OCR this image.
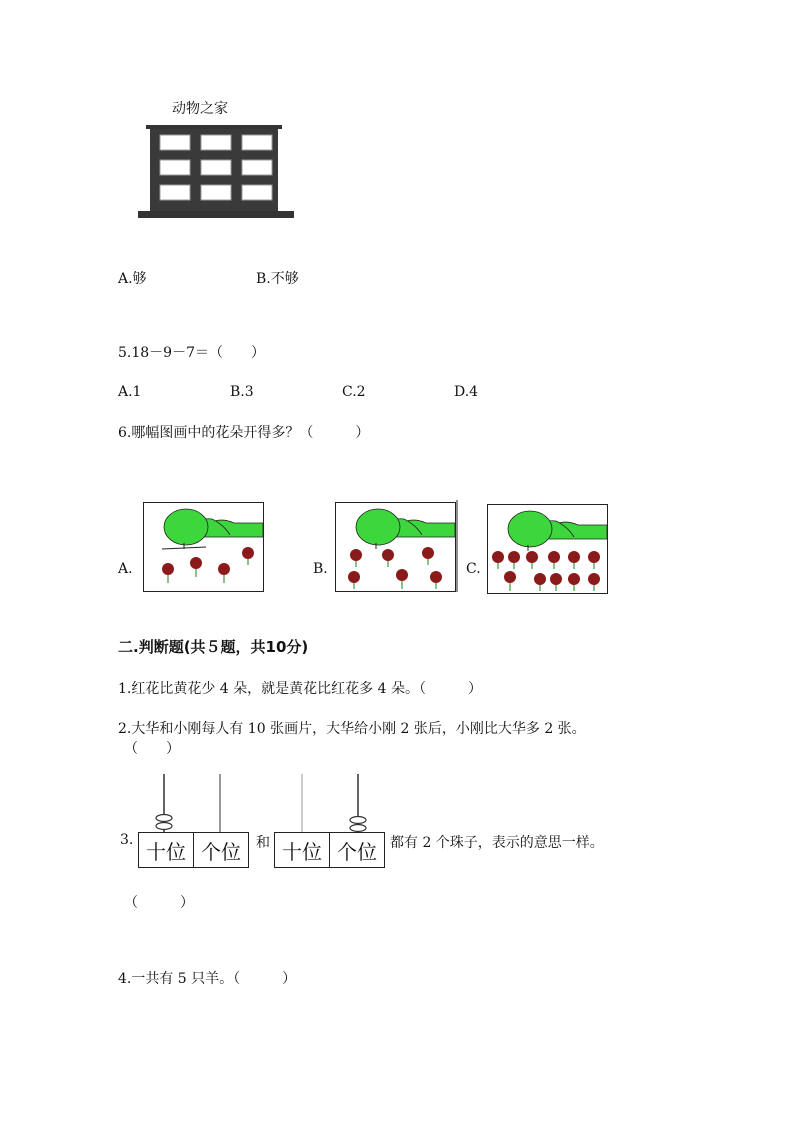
动物之家
A.够	B.不够
5.18－9－7＝（　　）
A.1	B.3	C.2	D.4
6.哪幅图画中的花朵开得多？（　　　）
A.	B.	C.
二.判断题(共５题，共10分)
1.红花比黄花少 4 朵，就是黄花比红花多 4 朵。（　　　）
2.大华和小刚每人有 10 张画片，大华给小刚 2 张后，小刚比大华多 2 张。
（　　）
3. 十位 个位	和 十位 个位 都有 2 个珠子，表示的意思一样。
（　　　）
4.一共有 5 只羊。（　　　）
